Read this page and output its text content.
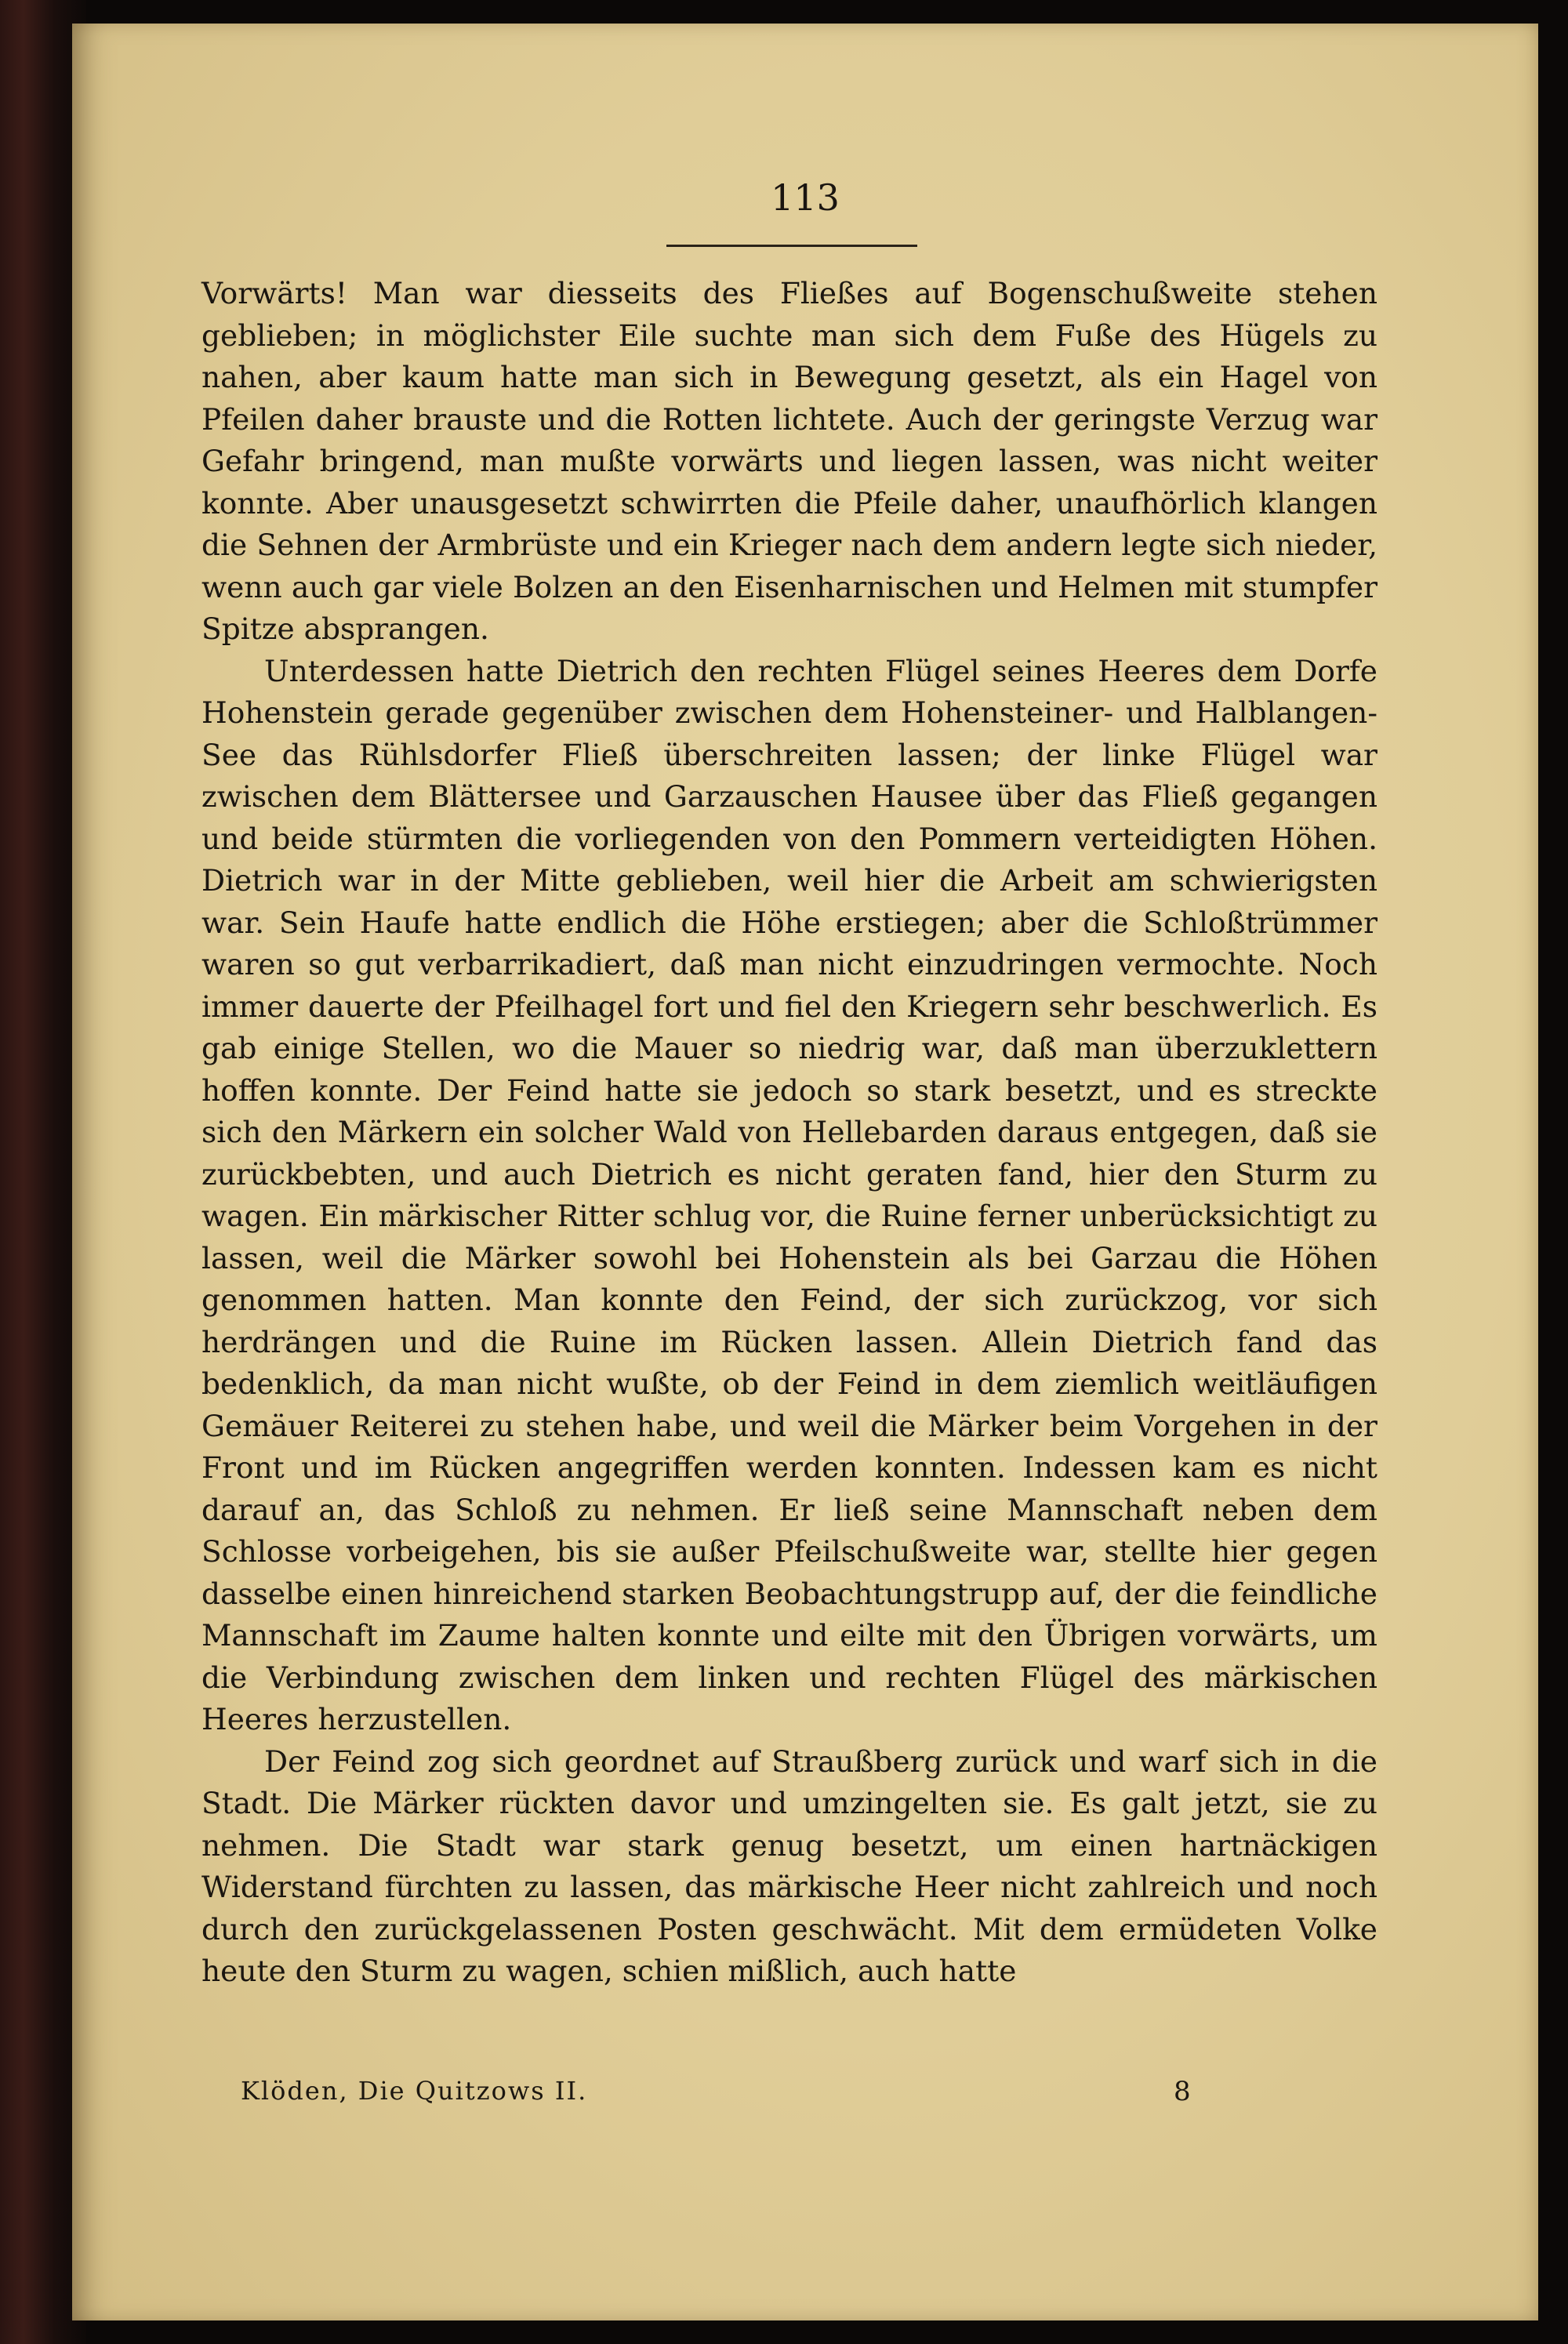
113

Vorwärts! Man war diesseits des Fließes auf Bogenschußweite stehen geblieben; in möglichster Eile suchte man sich dem Fuße des Hügels zu nahen, aber kaum hatte man sich in Bewegung gesetzt, als ein Hagel von Pfeilen daher brauste und die Rotten lichtete. Auch der geringste Verzug war Gefahr bringend, man mußte vorwärts und liegen lassen, was nicht weiter konnte. Aber unausgesetzt schwirrten die Pfeile daher, unaufhörlich klangen die Sehnen der Armbrüste und ein Krieger nach dem andern legte sich nieder, wenn auch gar viele Bolzen an den Eisenharnischen und Helmen mit stumpfer Spitze absprangen.

Unterdessen hatte Dietrich den rechten Flügel seines Heeres dem Dorfe Hohenstein gerade gegenüber zwischen dem Hohensteiner- und Halblangen-See das Rühlsdorfer Fließ überschreiten lassen; der linke Flügel war zwischen dem Blättersee und Garzauschen Hausee über das Fließ gegangen und beide stürmten die vorliegenden von den Pommern verteidigten Höhen. Dietrich war in der Mitte geblieben, weil hier die Arbeit am schwierigsten war. Sein Haufe hatte endlich die Höhe erstiegen; aber die Schloßtrümmer waren so gut verbarrikadiert, daß man nicht einzudringen vermochte. Noch immer dauerte der Pfeilhagel fort und fiel den Kriegern sehr beschwerlich. Es gab einige Stellen, wo die Mauer so niedrig war, daß man überzuklettern hoffen konnte. Der Feind hatte sie jedoch so stark besetzt, und es streckte sich den Märkern ein solcher Wald von Hellebarden daraus entgegen, daß sie zurückbebten, und auch Dietrich es nicht geraten fand, hier den Sturm zu wagen. Ein märkischer Ritter schlug vor, die Ruine ferner unberücksichtigt zu lassen, weil die Märker sowohl bei Hohenstein als bei Garzau die Höhen genommen hatten. Man konnte den Feind, der sich zurückzog, vor sich herdrängen und die Ruine im Rücken lassen. Allein Dietrich fand das bedenklich, da man nicht wußte, ob der Feind in dem ziemlich weitläufigen Gemäuer Reiterei zu stehen habe, und weil die Märker beim Vorgehen in der Front und im Rücken angegriffen werden konnten. Indessen kam es nicht darauf an, das Schloß zu nehmen. Er ließ seine Mannschaft neben dem Schlosse vorbeigehen, bis sie außer Pfeilschußweite war, stellte hier gegen dasselbe einen hinreichend starken Beobachtungstrupp auf, der die feindliche Mannschaft im Zaume halten konnte und eilte mit den Übrigen vorwärts, um die Verbindung zwischen dem linken und rechten Flügel des märkischen Heeres herzustellen.

Der Feind zog sich geordnet auf Straußberg zurück und warf sich in die Stadt. Die Märker rückten davor und umzingelten sie. Es galt jetzt, sie zu nehmen. Die Stadt war stark genug besetzt, um einen hartnäckigen Widerstand fürchten zu lassen, das märkische Heer nicht zahlreich und noch durch den zurückgelassenen Posten geschwächt. Mit dem ermüdeten Volke heute den Sturm zu wagen, schien mißlich, auch hatte

Klöden, Die Quitzows II.	8
